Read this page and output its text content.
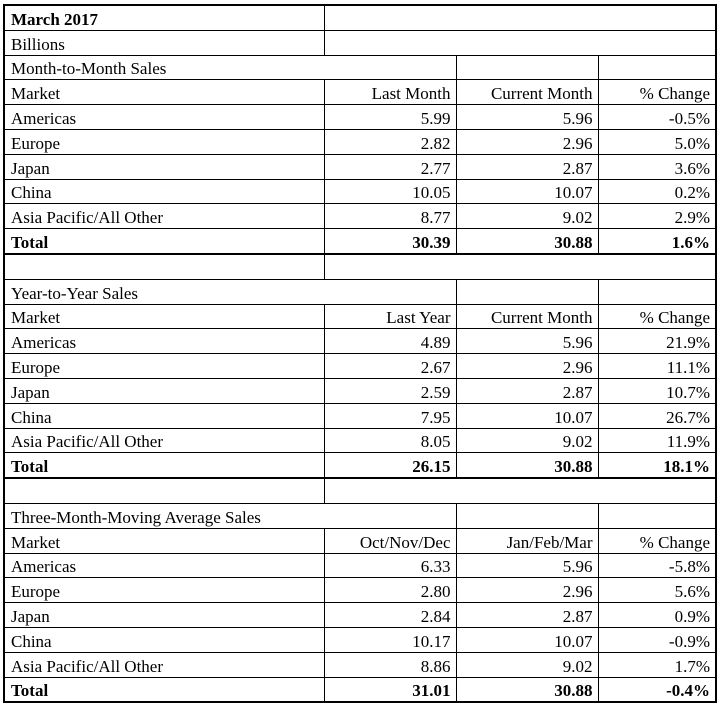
March 2017			
Billions			
Month-to-Month Sales			
Market	Last Month	Current Month	% Change
Americas	5.99	5.96	-0.5%
Europe	2.82	2.96	5.0%
Japan	2.77	2.87	3.6%
China	10.05	10.07	0.2%
Asia Pacific/All Other	8.77	9.02	2.9%
Total	30.39	30.88	1.6%

Year-to-Year Sales			
Market	Last Year	Current Month	% Change
Americas	4.89	5.96	21.9%
Europe	2.67	2.96	11.1%
Japan	2.59	2.87	10.7%
China	7.95	10.07	26.7%
Asia Pacific/All Other	8.05	9.02	11.9%
Total	26.15	30.88	18.1%

Three-Month-Moving Average Sales			
Market	Oct/Nov/Dec	Jan/Feb/Mar	% Change
Americas	6.33	5.96	-5.8%
Europe	2.80	2.96	5.6%
Japan	2.84	2.87	0.9%
China	10.17	10.07	-0.9%
Asia Pacific/All Other	8.86	9.02	1.7%
Total	31.01	30.88	-0.4%
